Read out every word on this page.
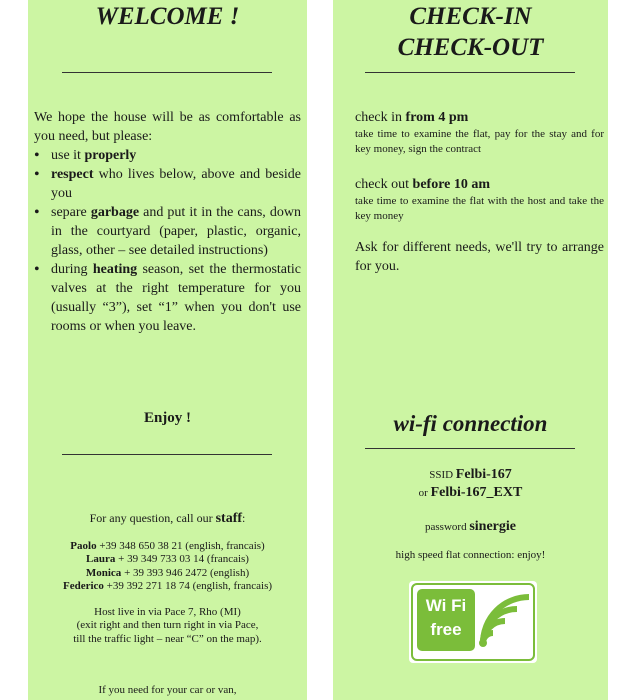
WELCOME !

We hope the house will be as comfortable as you need, but please:

• use it properly
• respect who lives below, above and beside you
• separe garbage and put it in the cans, down in the courtyard (paper, plastic, organic, glass, other – see detailed instructions)
• during heating season, set the thermostatic valves at the right temperature for you (usually “3”), set “1” when you don't use rooms or when you leave.
Enjoy !
For any question, call our staff:
Paolo +39 348 650 38 21 (english, francais)
Laura + 39 349 733 03 14 (francais)
Monica + 39 393 946 2472 (english)
Federico +39 392 271 18 74 (english, francais)
Host live in via Pace 7, Rho (MI)
(exit right and then turn right in via Pace,
till the traffic light – near “C” on the map).
If you need for your car or van,
CHECK-IN
CHECK-OUT
check in from 4 pm
take time to examine the flat, pay for the stay and for key money, sign the contract
check out before 10 am
take time to examine the flat with the host and take the key money
Ask for different needs, we'll try to arrange for you.
wi-fi connection
SSID Felbi-167
or Felbi-167_EXT
password sinergie
high speed flat connection: enjoy!
Wi Fi
free
